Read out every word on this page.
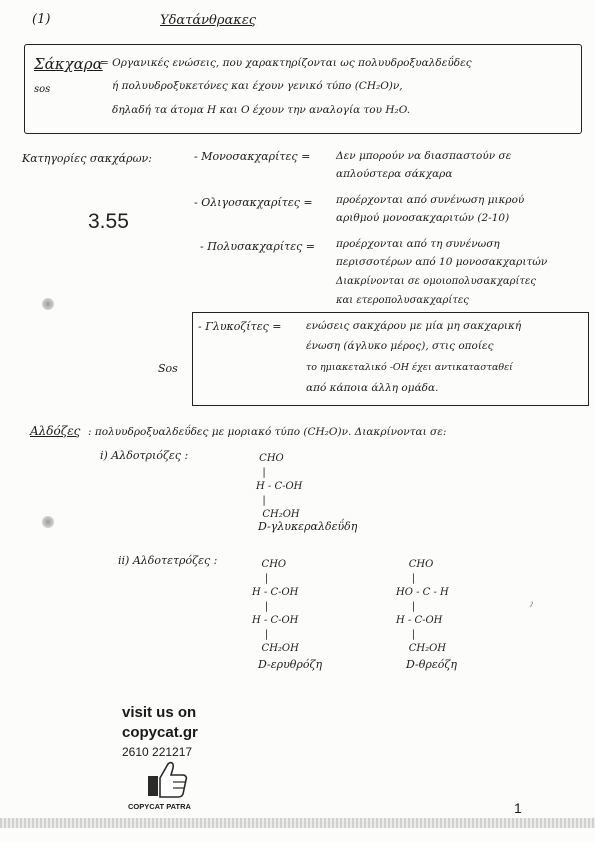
(1)	Υδατάνθρακες
Σάκχαρα
sos
= Οργανικές ενώσεις, που χαρακτηρίζονται ως πολυυδροξυαλδεΰδες
ή πολυυδροξυκετόνες και έχουν γενικό τύπο (CH₂O)ν,
δηλαδή τα άτομα H και O έχουν την αναλογία του H₂O.
Κατηγορίες σακχάρων:	- Μονοσακχαρίτες = Δεν μπορούν να διασπαστούν σε
απλούστερα σάκχαρα
3.55
- Ολιγοσακχαρίτες = προέρχονται από συνένωση μικρού
αριθμού μονοσακχαριτών (2-10)
- Πολυσακχαρίτες = προέρχονται από τη συνένωση
περισσοτέρων από 10 μονοσακχαριτών
Διακρίνονται σε ομοιοπολυσακχαρίτες
και ετεροπολυσακχαρίτες
- Γλυκοζίτες = ενώσεις σακχάρου με μία μη σακχαρική
ένωση (άγλυκο μέρος), στις οποίες
το ημιακεταλικό -OH έχει αντικατασταθεί
από κάποια άλλη ομάδα.
Sos
Αλδόζες : πολυυδροξυαλδεΰδες με μοριακό τύπο (CH₂O)ν. Διακρίνονται σε:
i) Αλδοτριόζες :	CHO
|
H - C-OH
|
CH₂OH
D-γλυκεραλδεΰδη
ii) Αλδοτετρόζες :	CHO
|
H - C-OH
|
H - C-OH
|
CH₂OH
D-ερυθρόζη
CHO
|
HO - C - H
|
H - C-OH
|
CH₂OH
D-θρεόζη
ˀ
visit us on
copycat.gr
2610 221217
COPYCAT PATRA	1
